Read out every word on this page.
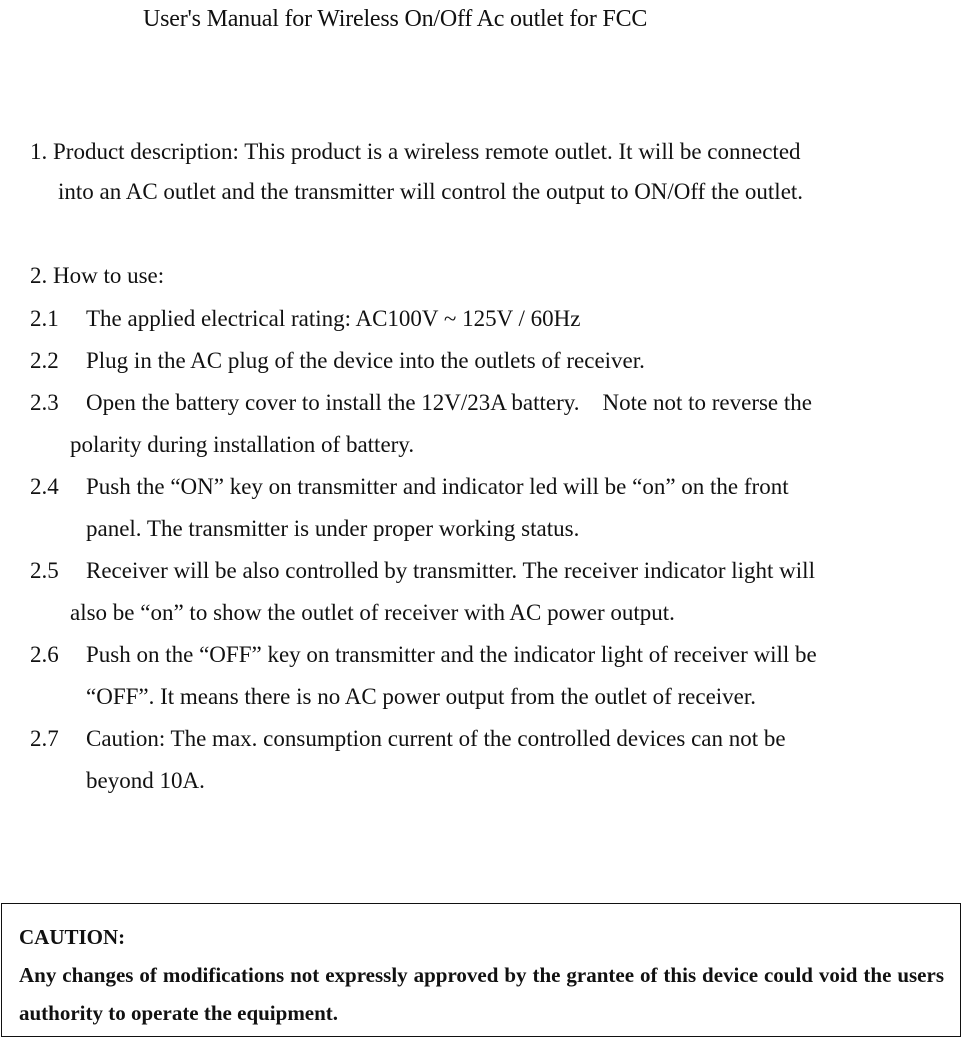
User's Manual for Wireless On/Off Ac outlet for FCC
1. Product description: This product is a wireless remote outlet. It will be connected
into an AC outlet and the transmitter will control the output to ON/Off the outlet.
2. How to use:
2.1 The applied electrical rating: AC100V ~ 125V / 60Hz
2.2 Plug in the AC plug of the device into the outlets of receiver.
2.3 Open the battery cover to install the 12V/23A battery.    Note not to reverse the
polarity during installation of battery.
2.4 Push the “ON” key on transmitter and indicator led will be “on” on the front
panel. The transmitter is under proper working status.
2.5 Receiver will be also controlled by transmitter. The receiver indicator light will
also be “on” to show the outlet of receiver with AC power output.
2.6 Push on the “OFF” key on transmitter and the indicator light of receiver will be
“OFF”. It means there is no AC power output from the outlet of receiver.
2.7 Caution: The max. consumption current of the controlled devices can not be
beyond 10A.
CAUTION:
Any changes of modifications not expressly approved by the grantee of this device could void the users authority to operate the equipment.
